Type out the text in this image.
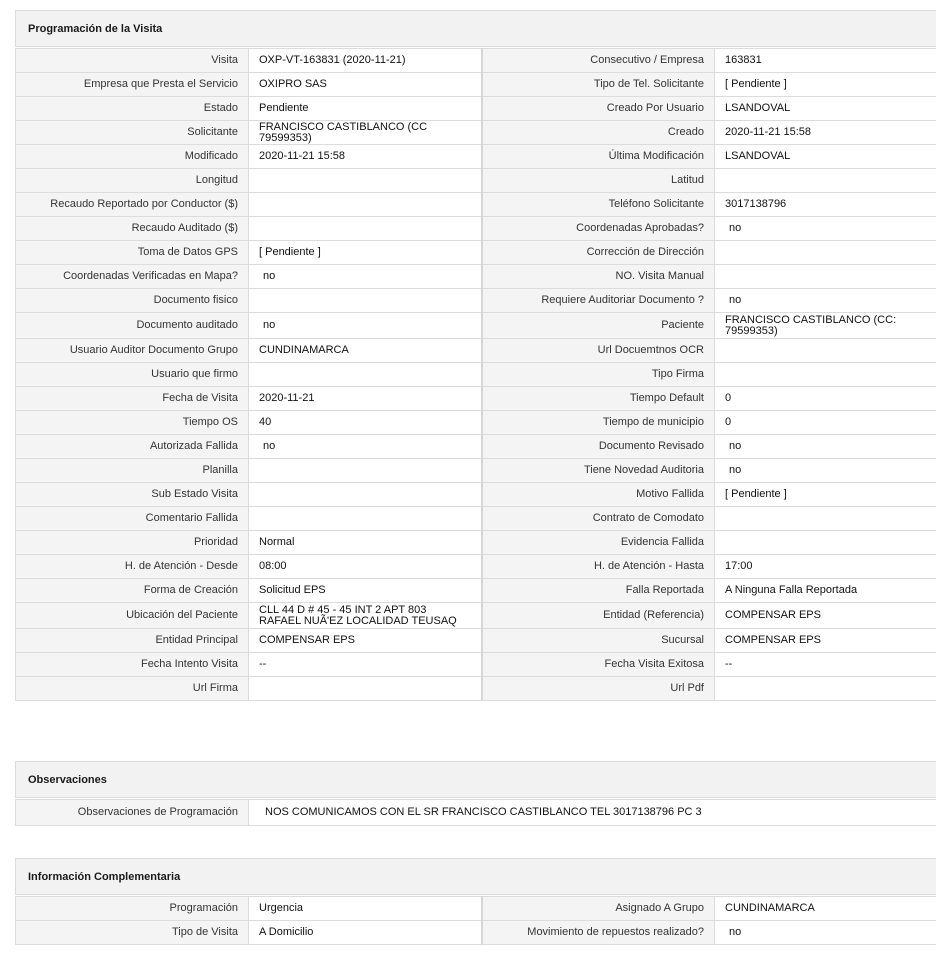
Programación de la Visita
Visita	OXP-VT-163831 (2020-11-21)	Consecutivo / Empresa	163831
Empresa que Presta el Servicio	OXIPRO SAS	Tipo de Tel. Solicitante	[ Pendiente ]
Estado	Pendiente	Creado Por Usuario	LSANDOVAL
Solicitante	FRANCISCO CASTIBLANCO (CC 79599353)	Creado	2020-11-21 15:58
Modificado	2020-11-21 15:58	Última Modificación	LSANDOVAL
Longitud		Latitud	
Recaudo Reportado por Conductor ($)		Teléfono Solicitante	3017138796
Recaudo Auditado ($)		Coordenadas Aprobadas?	no
Toma de Datos GPS	[ Pendiente ]	Corrección de Dirección	
Coordenadas Verificadas en Mapa?	no	NO. Visita Manual	
Documento fisico		Requiere Auditoriar Documento ?	no
Documento auditado	no	Paciente	FRANCISCO CASTIBLANCO (CC: 79599353)
Usuario Auditor Documento Grupo	CUNDINAMARCA	Url Docuemtnos OCR	
Usuario que firmo		Tipo Firma	
Fecha de Visita	2020-11-21	Tiempo Default	0
Tiempo OS	40	Tiempo de municipio	0
Autorizada Fallida	no	Documento Revisado	no
Planilla		Tiene Novedad Auditoria	no
Sub Estado Visita		Motivo Fallida	[ Pendiente ]
Comentario Fallida		Contrato de Comodato	
Prioridad	Normal	Evidencia Fallida	
H. de Atención - Desde	08:00	H. de Atención - Hasta	17:00
Forma de Creación	Solicitud EPS	Falla Reportada	A Ninguna Falla Reportada
Ubicación del Paciente	CLL 44 D # 45 - 45 INT 2 APT 803 RAFAEL NUÃ'EZ LOCALIDAD TEUSAQ	Entidad (Referencia)	COMPENSAR EPS
Entidad Principal	COMPENSAR EPS	Sucursal	COMPENSAR EPS
Fecha Intento Visita	--	Fecha Visita Exitosa	--
Url Firma		Url Pdf	
Observaciones
Observaciones de Programación	NOS COMUNICAMOS CON EL SR FRANCISCO CASTIBLANCO TEL 3017138796 PC 3
Información Complementaria
Programación	Urgencia	Asignado A Grupo	CUNDINAMARCA
Tipo de Visita	A Domicilio	Movimiento de repuestos realizado?	no
